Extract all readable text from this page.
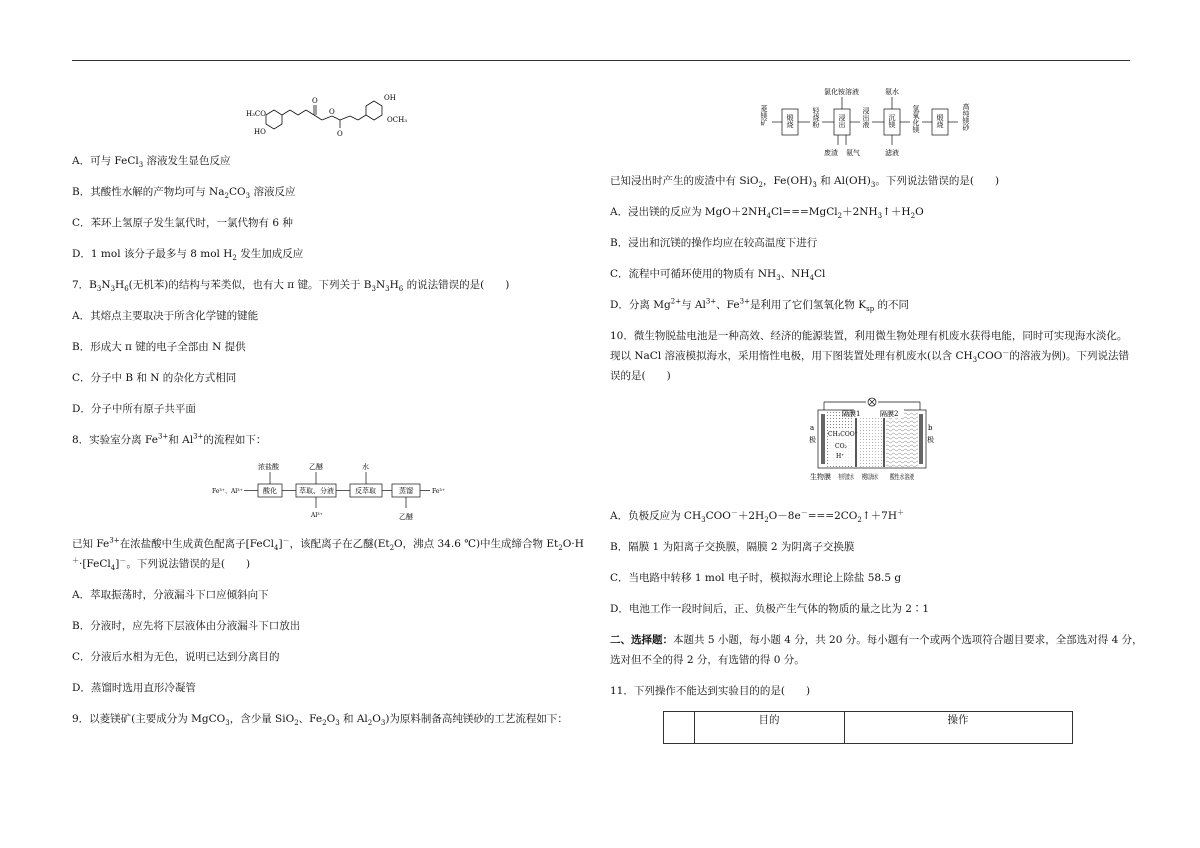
H₃CO
HO
O
O
O
OH
OCH₃
A．可与 FeCl$_3$ 溶液发生显色反应
B．其酸性水解的产物均可与 $Na_2CO_3$ 溶液反应
C．苯环上氢原子发生氯代时，一氯代物有 6 种
D．1 mol 该分子最多与 8 mol $H_2$ 发生加成反应
7．$B_3N_3H_6$(无机苯)的结构与苯类似，也有大 π 键。下列关于 $B_3N_3H_6$ 的说法错误的是(　　)
A．其熔点主要取决于所含化学键的键能
B．形成大 π 键的电子全部由 N 提供
C．分子中 B 和 N 的杂化方式相同
D．分子中所有原子共平面
8．实验室分离 $Fe^{3+}$和 $Al^{3+}$的流程如下：
Fe³⁺、Al³⁺
浓盐酸	乙醚	水
酸化	萃取、分液	反萃取	蒸馏	Fe³⁺
Al³⁺	乙醚
已知 $Fe^{3+}$在浓盐酸中生成黄色配离子[FeCl$_4$]－，该配离子在乙醚($Et_2O$，沸点 34.6 ℃)中生成缔合物 $Et_2O\cdot H$
＋·[FeCl$_4$]－。下列说法错误的是(　　)
A．萃取振荡时，分液漏斗下口应倾斜向下
B．分液时，应先将下层液体由分液漏斗下口放出
C．分液后水相为无色，说明已达到分离目的
D．蒸馏时选用直形冷凝管
9．以菱镁矿(主要成分为 MgCO$_3$，含少量 SiO$_2$、$Fe_2O_3$ 和 $Al_2O_3$)为原料制备高纯镁砂的工艺流程如下：
菱镁矿
氯化铵溶液	氨水
煅烧	浸出	沉镁	煅烧
轻烧粉	浸出液	氢氧化镁	高纯镁砂
废渣 氨气	滤液
已知浸出时产生的废渣中有 SiO$_2$，$Fe(OH)_3$ 和 $Al(OH)_3$。下列说法错误的是(　　)
A．浸出镁的反应为 $MgO+2NH_4Cl===MgCl_2+2NH_3↑+H_2O$
B．浸出和沉镁的操作均应在较高温度下进行
C．流程中可循环使用的物质有 $NH_3$、$NH_4Cl$
D．分离 $Mg^{2+}$与 $Al^{3+}$、$Fe^{3+}$是利用了它们氢氧化物 $K_{sp}$ 的不同
10．微生物脱盐电池是一种高效、经济的能源装置，利用微生物处理有机废水获得电能，同时可实现海水淡化。
现以 NaCl 溶液模拟海水，采用惰性电极，用下图装置处理有机废水(以含 $CH_3COO^-$的溶液为例)。下列说法错
误的是(　　)
隔膜1	隔膜2
a
极
b
极
CH₃COO⁻
CO₂
H⁺
生物膜 有机废水
模拟海水 酸性水溶液
A．负极反应为 $CH_3COO^-+2H_2O-8e^-===2CO_2↑+7H^+$
B．隔膜 1 为阳离子交换膜，隔膜 2 为阴离子交换膜
C．当电路中转移 1 mol 电子时，模拟海水理论上除盐 58.5 g
D．电池工作一段时间后，正、负极产生气体的物质的量之比为 2∶1
二、选择题：本题共 5 小题，每小题 4 分，共 20 分。每小题有一个或两个选项符合题目要求，全部选对得 4 分，
选对但不全的得 2 分，有选错的得 0 分。
11．下列操作不能达到实验目的的是(　　)
目的	操作
